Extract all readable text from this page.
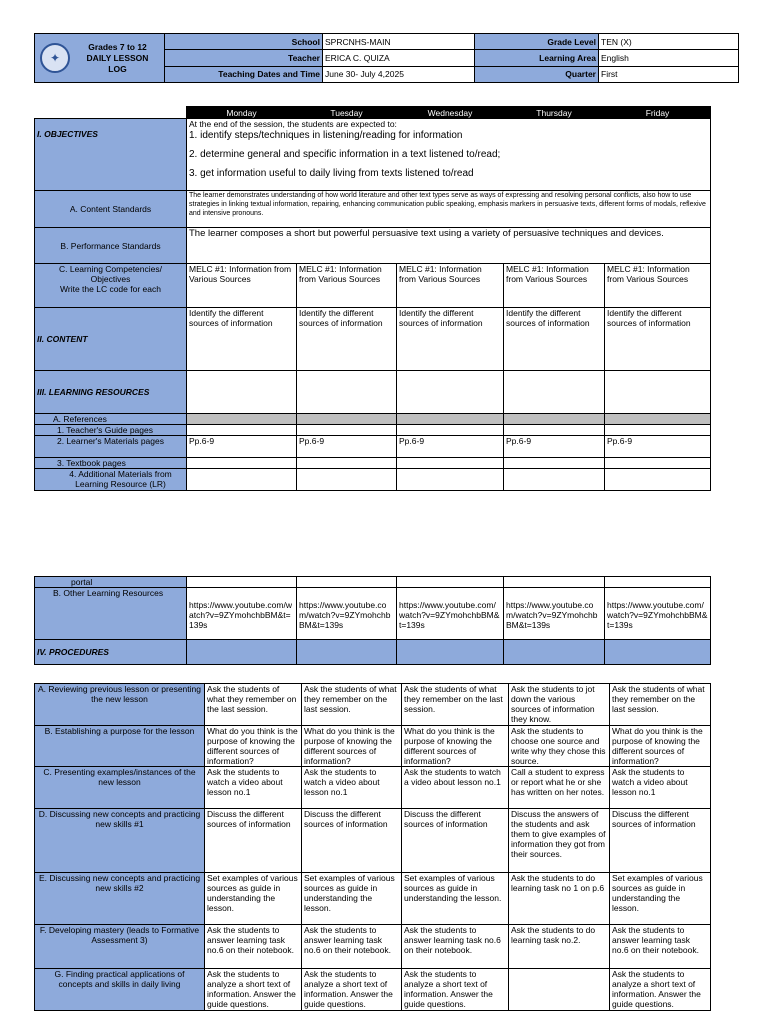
✦
Grades 7 to 12
DAILY LESSON
LOG	School	SPRCNHS-MAIN	Grade Level	TEN (X)
	Teacher	ERICA C. QUIZA	Learning Area	English
	Teaching Dates and Time	June 30- July 4,2025	Quarter	First
	Monday	Tuesday	Wednesday	Thursday	Friday
I. OBJECTIVES	At the end of the session, the students are expected to:
1. identify steps/techniques in listening/reading for information
2. determine general and specific information in a text listened to/read;
3. get information useful to daily living from texts listened to/read				

A. Content Standards	The learner demonstrates understanding of how world literature and other text types serve as ways of expressing and resolving personal conflicts, also how to use strategies in linking textual information, repairing, enhancing communication public speaking, emphasis markers in persuasive texts, different forms of modals, reflexive and intensive pronouns.				
B. Performance Standards	The learner composes a short but powerful persuasive text using a variety of persuasive techniques and devices.				

C. Learning Competencies/
Objectives
Write the LC code for each	MELC #1: Information from Various Sources	MELC #1: Information from Various Sources	MELC #1: Information from Various Sources	MELC #1: Information from Various Sources	MELC #1: Information from Various Sources
II. CONTENT	Identify the different sources of information	Identify the different sources of information	Identify the different sources of information	Identify the different sources of information	Identify the different sources of information
III. LEARNING RESOURCES					
A. References					
1. Teacher's Guide pages					
2. Learner's Materials pages	Pp.6-9	Pp.6-9	Pp.6-9	Pp.6-9	Pp.6-9
3. Textbook pages					
4. Additional Materials from Learning Resource (LR)					
portal					
B. Other Learning Resources	https://www.youtube.com/watch?v=9ZYmohchbBM&t=139s	https://www.youtube.com/watch?v=9ZYmohchbBM&t=139s	https://www.youtube.com/watch?v=9ZYmohchbBM&t=139s	https://www.youtube.com/watch?v=9ZYmohchbBM&t=139s	https://www.youtube.com/watch?v=9ZYmohchbBM&t=139s
IV. PROCEDURES					
A. Reviewing previous lesson or presenting the new lesson	Ask the students of what they remember on the last session.	Ask the students of what they remember on the last session.	Ask the students of what they remember on the last session.	Ask the students to jot down the various sources of information they know.	Ask the students of what they remember on the last session.
B. Establishing a purpose for the lesson	What do you think is the purpose of knowing the different sources of information?	What do you think is the purpose of knowing the different sources of information?	What do you think is the purpose of knowing the different sources of information?	Ask the students to choose one source and write why they chose this source.	What do you think is the purpose of knowing the different sources of information?
C. Presenting examples/instances of the new lesson	Ask the students to watch a video about lesson no.1	Ask the students to watch a video about lesson no.1	Ask the students to watch a video about lesson no.1	Call a student to express or report what he or she has written on her notes.	Ask the students to watch a video about lesson no.1
D. Discussing new concepts and practicing new skills #1	Discuss the different sources of information	Discuss the different sources of information	Discuss the different sources of information	Discuss the answers of the students and ask them to give examples of information they got from their sources.	Discuss the different sources of information
E. Discussing new concepts and practicing new skills #2	Set examples of various sources as guide in understanding the lesson.	Set examples of various sources as guide in understanding the lesson.	Set examples of various sources as guide in understanding the lesson.	Ask the students to do learning task no 1 on p.6	Set examples of various sources as guide in understanding the lesson.
F. Developing mastery (leads to Formative Assessment 3)	Ask the students to answer learning task no.6 on their notebook.	Ask the students to answer learning task no.6 on their notebook.	Ask the students to answer learning task no.6 on their notebook.	Ask the students to do learning task no.2.	Ask the students to answer learning task no.6 on their notebook.
G. Finding practical applications of concepts and skills in daily living	Ask the students to analyze a short text of information. Answer the guide questions.	Ask the students to analyze a short text of information. Answer the guide questions.	Ask the students to analyze a short text of information. Answer the guide questions.		Ask the students to analyze a short text of information. Answer the guide questions.
